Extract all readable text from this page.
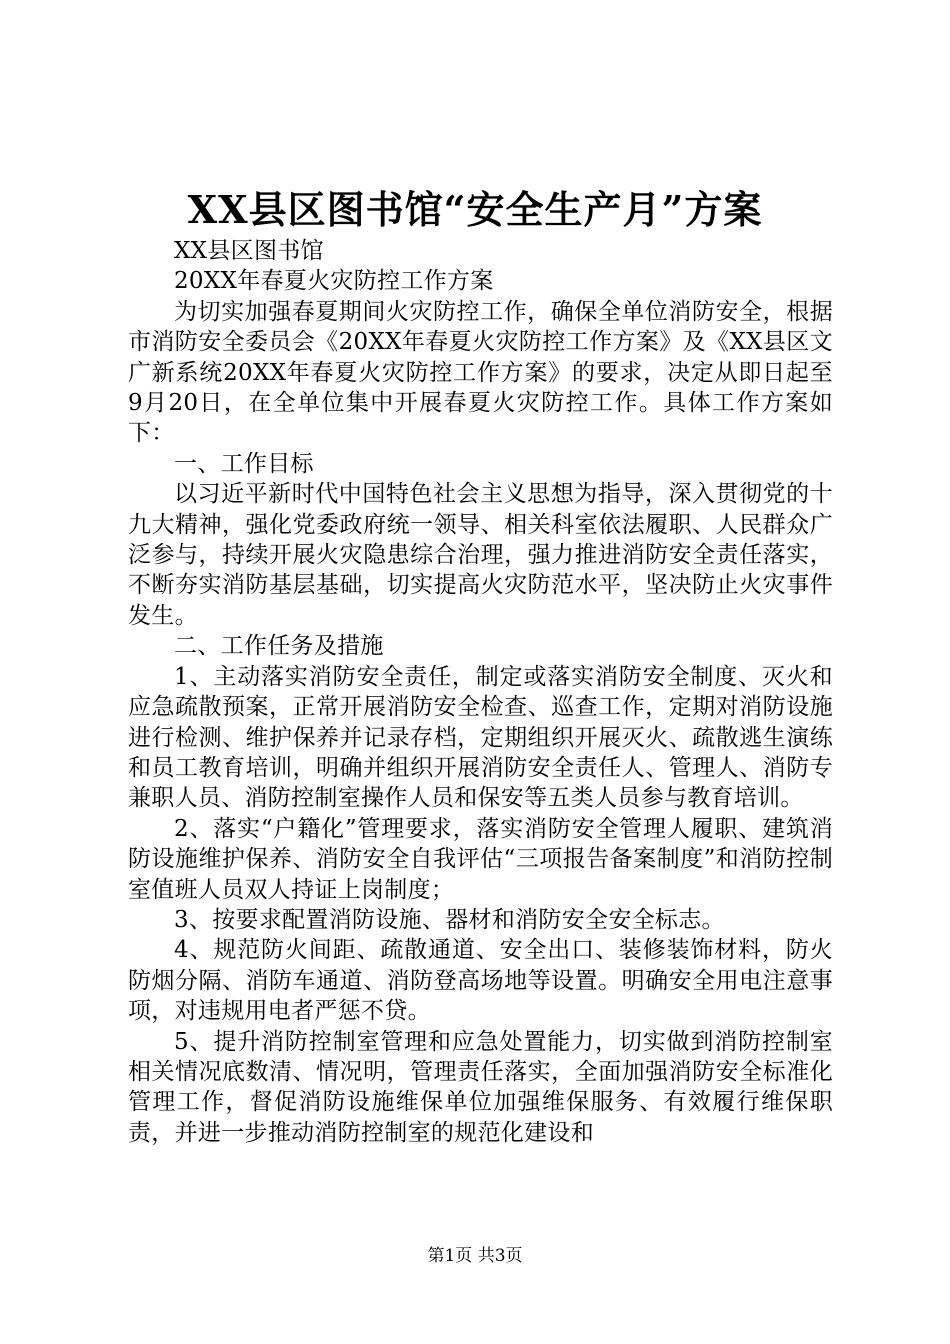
XX县区图书馆“安全生产月”方案

XX县区图书馆

20XX年春夏火灾防控工作方案

为切实加强春夏期间火灾防控工作，确保全单位消防安全，根据市消防安全委员会《20XX年春夏火灾防控工作方案》及《XX县区文广新系统20XX年春夏火灾防控工作方案》的要求，决定从即日起至9月20日，在全单位集中开展春夏火灾防控工作。具体工作方案如下：

一、工作目标

以习近平新时代中国特色社会主义思想为指导，深入贯彻党的十九大精神，强化党委政府统一领导、相关科室依法履职、人民群众广泛参与，持续开展火灾隐患综合治理，强力推进消防安全责任落实，不断夯实消防基层基础，切实提高火灾防范水平，坚决防止火灾事件发生。

二、工作任务及措施

1、主动落实消防安全责任，制定或落实消防安全制度、灭火和应急疏散预案，正常开展消防安全检查、巡查工作，定期对消防设施进行检测、维护保养并记录存档，定期组织开展灭火、疏散逃生演练和员工教育培训，明确并组织开展消防安全责任人、管理人、消防专兼职人员、消防控制室操作人员和保安等五类人员参与教育培训。

2、落实“户籍化”管理要求，落实消防安全管理人履职、建筑消防设施维护保养、消防安全自我评估“三项报告备案制度”和消防控制室值班人员双人持证上岗制度；

3、按要求配置消防设施、器材和消防安全安全标志。

4、规范防火间距、疏散通道、安全出口、装修装饰材料，防火防烟分隔、消防车通道、消防登高场地等设置。明确安全用电注意事项，对违规用电者严惩不贷。

5、提升消防控制室管理和应急处置能力，切实做到消防控制室相关情况底数清、情况明，管理责任落实，全面加强消防安全标准化管理工作，督促消防设施维保单位加强维保服务、有效履行维保职责，并进一步推动消防控制室的规范化建设和

第1页 共3页
